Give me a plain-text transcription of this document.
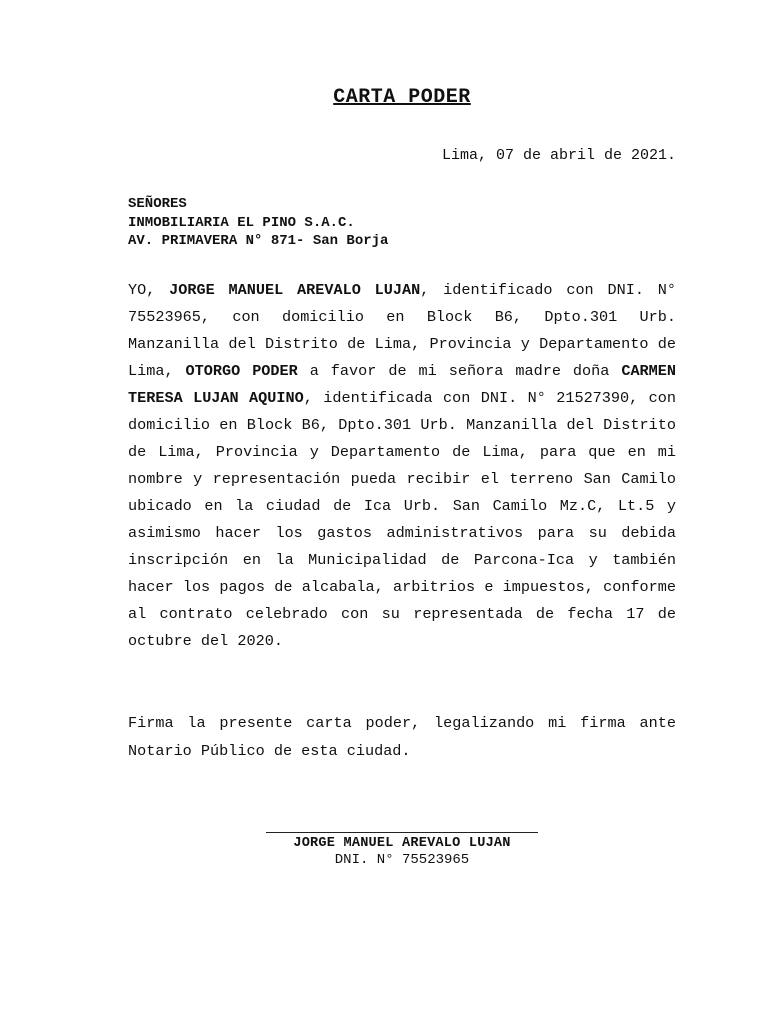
CARTA PODER
Lima, 07 de abril de 2021.
SEÑORES
INMOBILIARIA EL PINO S.A.C.
AV. PRIMAVERA N° 871- San Borja
YO, JORGE MANUEL AREVALO LUJAN, identificado con DNI. N° 75523965, con domicilio en Block B6, Dpto.301 Urb. Manzanilla del Distrito de Lima, Provincia y Departamento de Lima, OTORGO PODER a favor de mi señora madre doña CARMEN TERESA LUJAN AQUINO, identificada con DNI. N° 21527390, con domicilio en Block B6, Dpto.301 Urb. Manzanilla del Distrito de Lima, Provincia y Departamento de Lima, para que en mi nombre y representación pueda recibir el terreno San Camilo ubicado en la ciudad de Ica Urb. San Camilo Mz.C, Lt.5 y asimismo hacer los gastos administrativos para su debida inscripción en la Municipalidad de Parcona-Ica y también hacer los pagos de alcabala, arbitrios e impuestos, conforme al contrato celebrado con su representada de fecha 17 de octubre del 2020.
Firma la presente carta poder, legalizando mi firma ante Notario Público de esta ciudad.
JORGE MANUEL AREVALO LUJAN
DNI. N° 75523965
